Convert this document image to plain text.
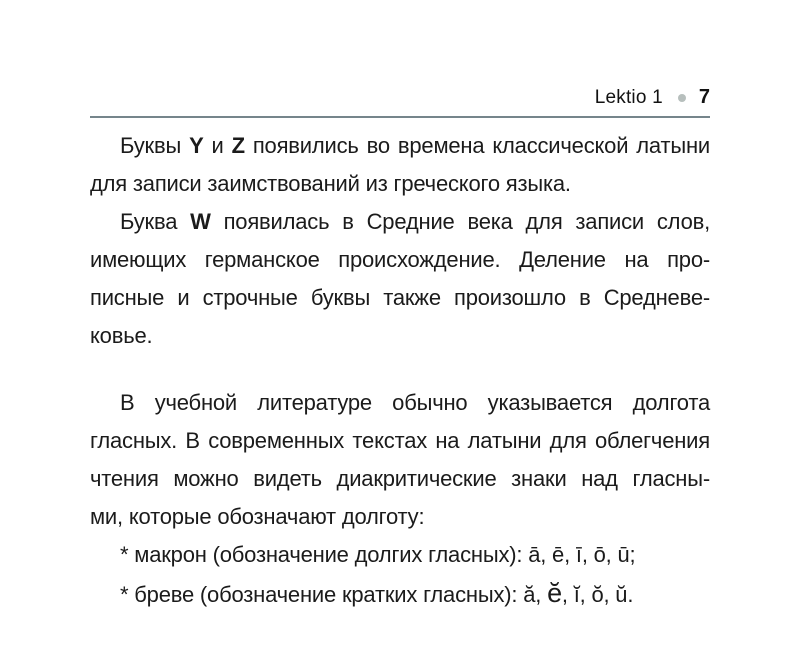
Lektio 1 7
Буквы Y и Z появились во времена классической латыни
для записи заимствований из греческого языка.
Буква W появилась в Средние века для записи слов,
имеющих германское происхождение. Деление на про-
писные и строчные буквы также произошло в Средневе-
ковье.
В учебной литературе обычно указывается долгота
гласных. В современных текстах на латыни для облегчения
чтения можно видеть диакритические знаки над гласны-
ми, которые обозначают долготу:
* макрон (обозначение долгих гласных): ā, ē, ī, ō, ū;
* бреве (обозначение кратких гласных): ă, ĕ, ĭ, ŏ, ŭ.
